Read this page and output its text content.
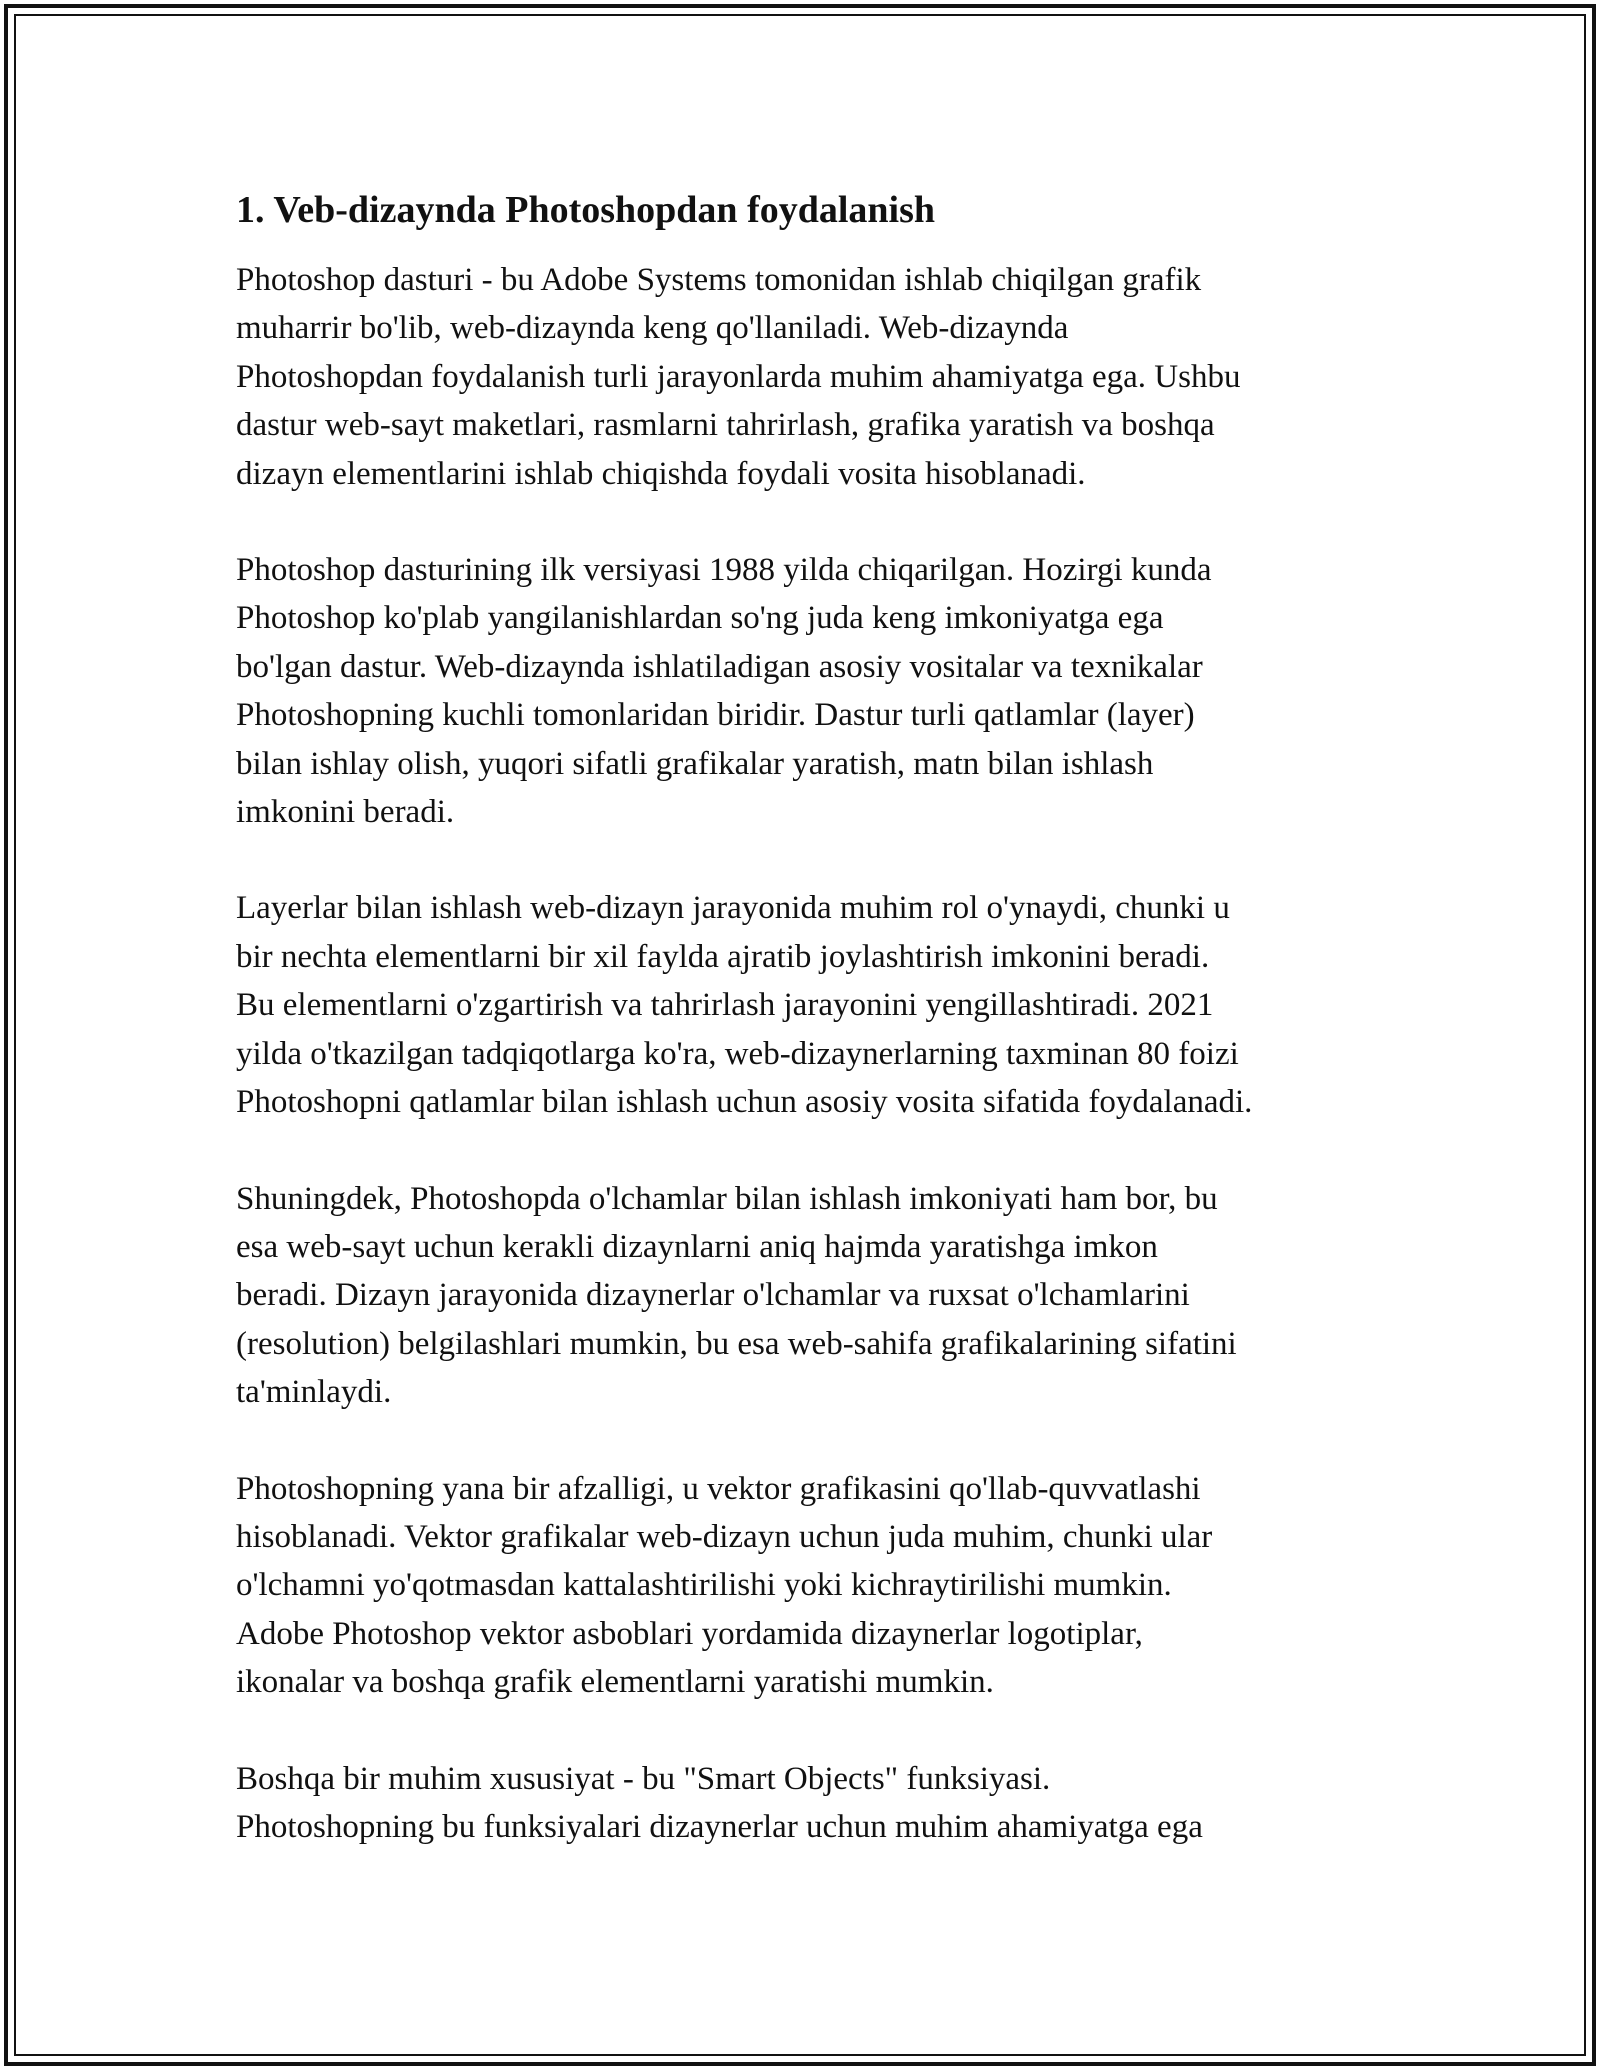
1. Veb-dizaynda Photoshopdan foydalanish

Photoshop dasturi - bu Adobe Systems tomonidan ishlab chiqilgan grafik
muharrir bo'lib, web-dizaynda keng qo'llaniladi. Web-dizaynda
Photoshopdan foydalanish turli jarayonlarda muhim ahamiyatga ega. Ushbu
dastur web-sayt maketlari, rasmlarni tahrirlash, grafika yaratish va boshqa
dizayn elementlarini ishlab chiqishda foydali vosita hisoblanadi.

Photoshop dasturining ilk versiyasi 1988 yilda chiqarilgan. Hozirgi kunda
Photoshop ko'plab yangilanishlardan so'ng juda keng imkoniyatga ega
bo'lgan dastur. Web-dizaynda ishlatiladigan asosiy vositalar va texnikalar
Photoshopning kuchli tomonlaridan biridir. Dastur turli qatlamlar (layer)
bilan ishlay olish, yuqori sifatli grafikalar yaratish, matn bilan ishlash
imkonini beradi.

Layerlar bilan ishlash web-dizayn jarayonida muhim rol o'ynaydi, chunki u
bir nechta elementlarni bir xil faylda ajratib joylashtirish imkonini beradi.
Bu elementlarni o'zgartirish va tahrirlash jarayonini yengillashtiradi. 2021
yilda o'tkazilgan tadqiqotlarga ko'ra, web-dizaynerlarning taxminan 80 foizi
Photoshopni qatlamlar bilan ishlash uchun asosiy vosita sifatida foydalanadi.

Shuningdek, Photoshopda o'lchamlar bilan ishlash imkoniyati ham bor, bu
esa web-sayt uchun kerakli dizaynlarni aniq hajmda yaratishga imkon
beradi. Dizayn jarayonida dizaynerlar o'lchamlar va ruxsat o'lchamlarini
(resolution) belgilashlari mumkin, bu esa web-sahifa grafikalarining sifatini
ta'minlaydi.

Photoshopning yana bir afzalligi, u vektor grafikasini qo'llab-quvvatlashi
hisoblanadi. Vektor grafikalar web-dizayn uchun juda muhim, chunki ular
o'lchamni yo'qotmasdan kattalashtirilishi yoki kichraytirilishi mumkin.
Adobe Photoshop vektor asboblari yordamida dizaynerlar logotiplar,
ikonalar va boshqa grafik elementlarni yaratishi mumkin.

Boshqa bir muhim xususiyat - bu "Smart Objects" funksiyasi.
Photoshopning bu funksiyalari dizaynerlar uchun muhim ahamiyatga ega
